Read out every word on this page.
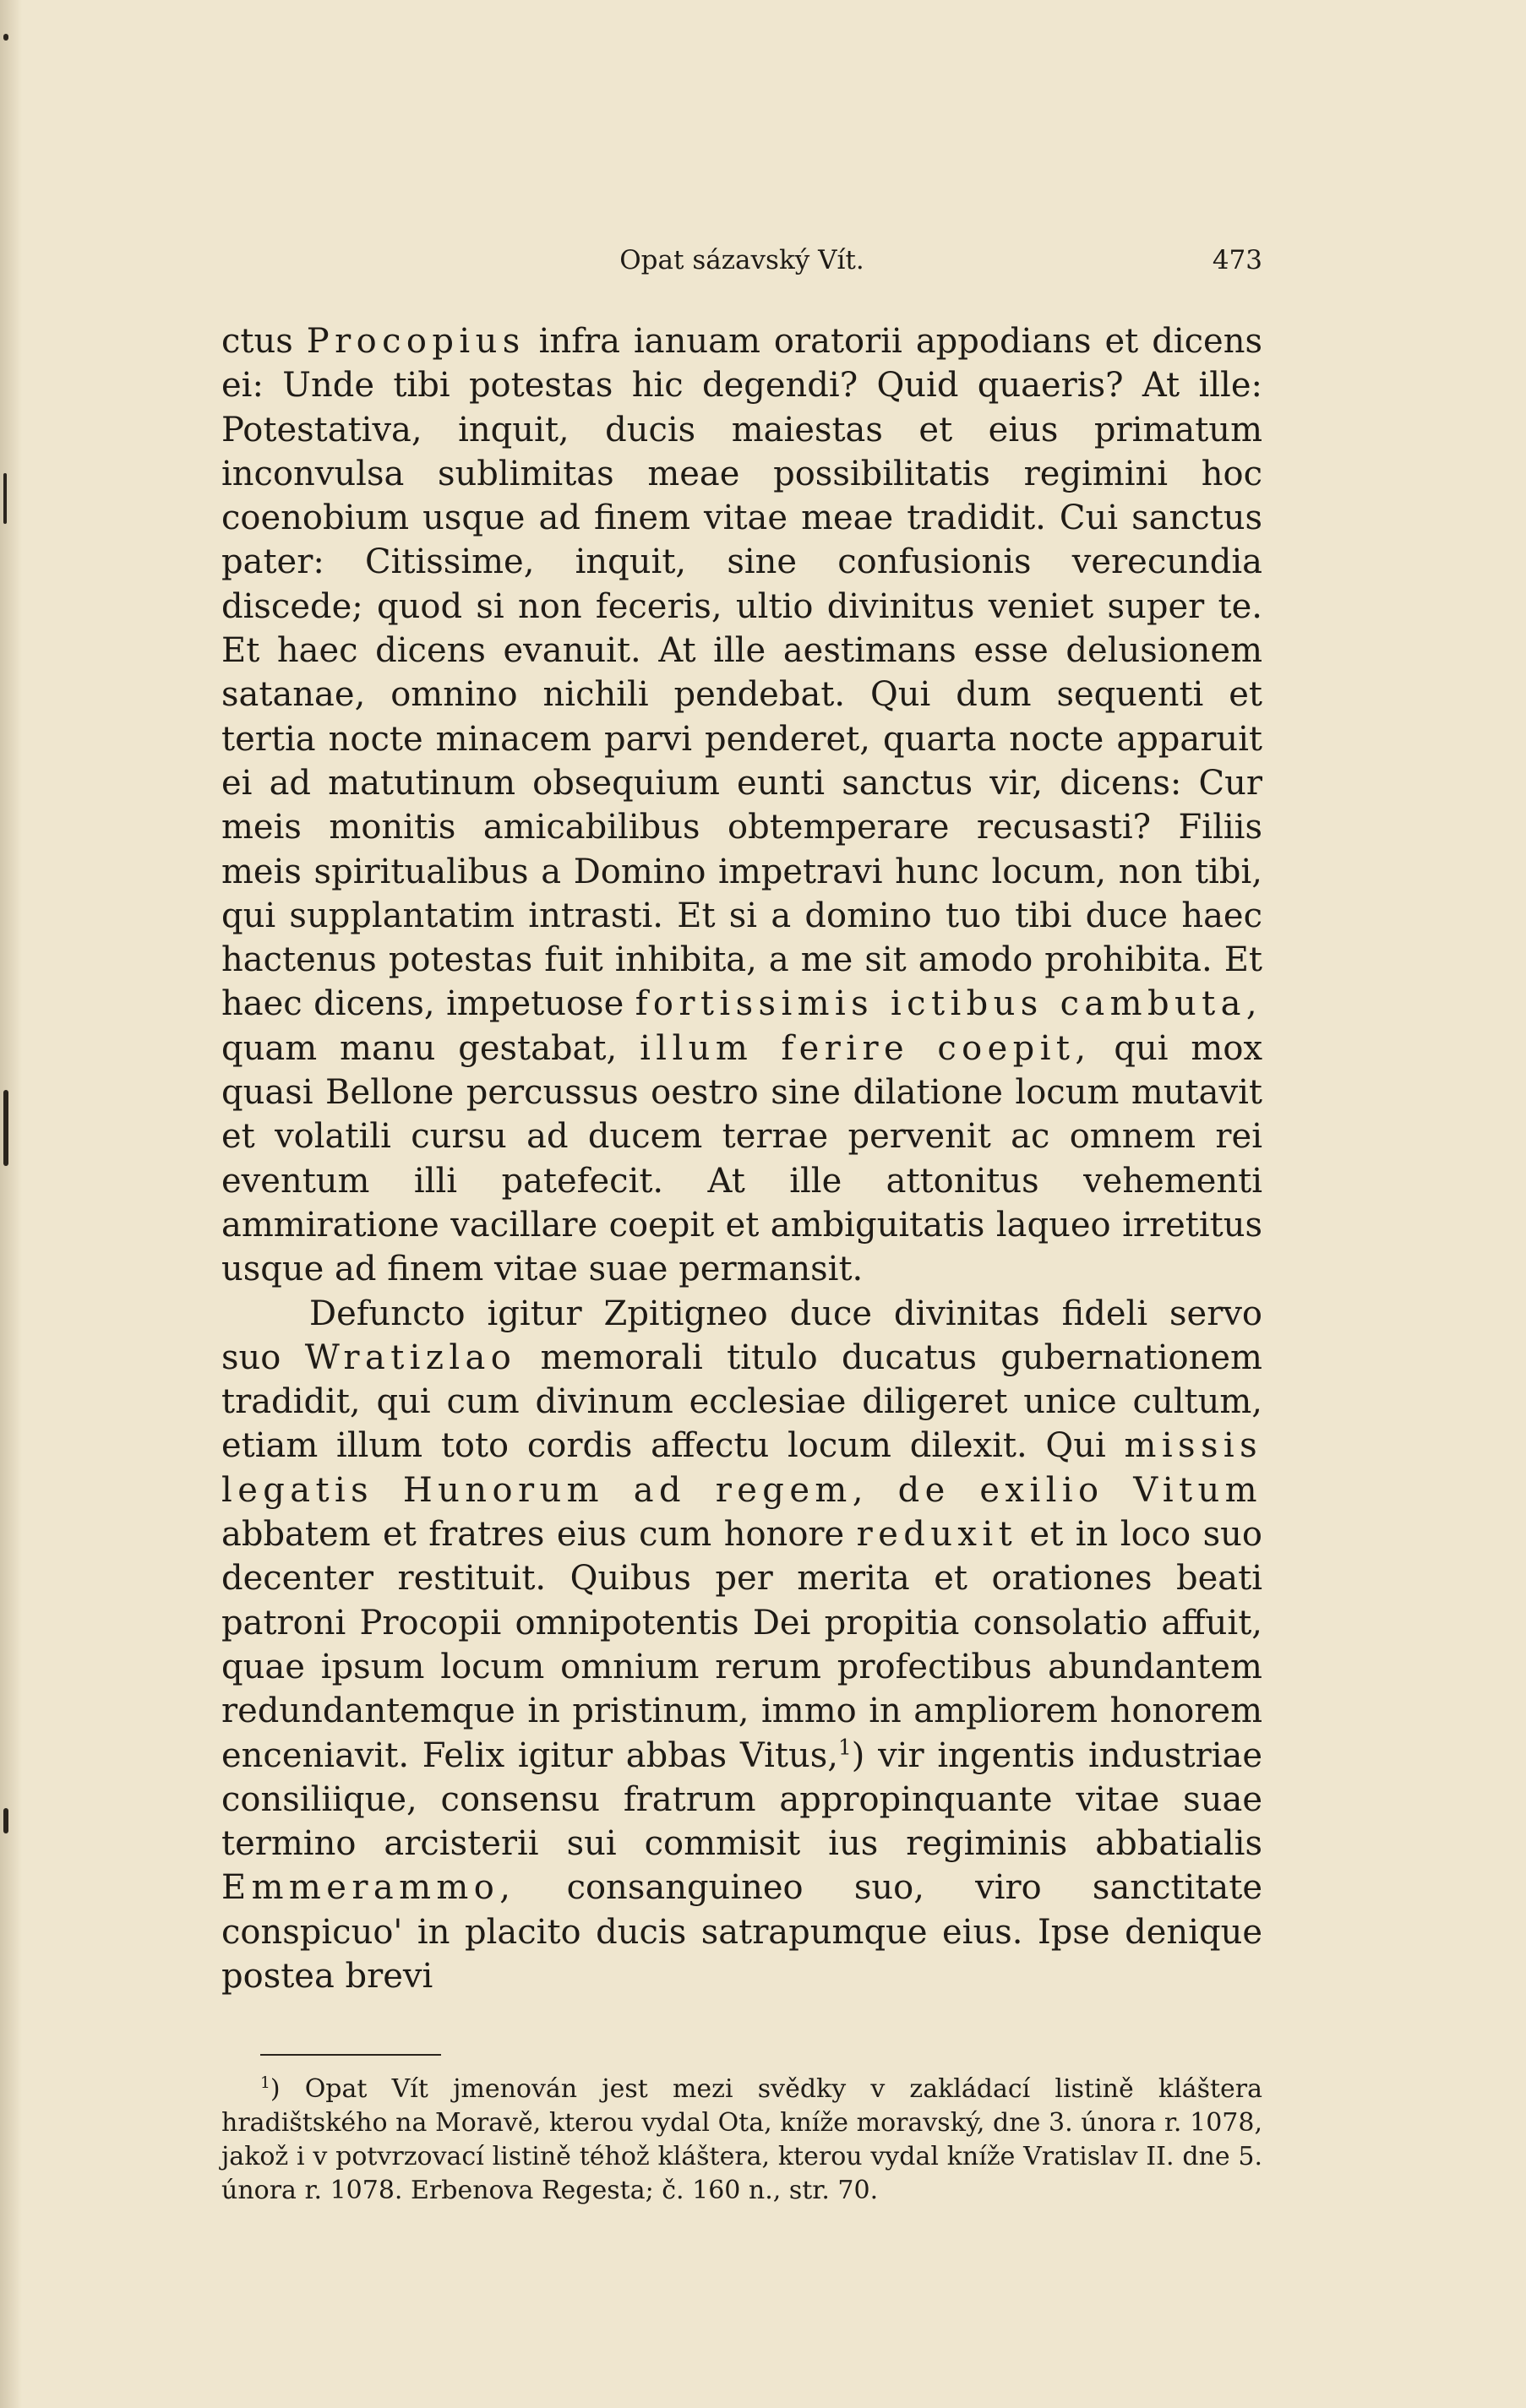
Opat sázavský Vít.	473

ctus Procopius infra ianuam oratorii appodians et dicens ei: Unde tibi potestas hic degendi? Quid quaeris? At ille: Potestativa, inquit, ducis maiestas et eius primatum inconvulsa sublimitas meae possibilitatis regimini hoc coenobium usque ad finem vitae meae tradidit. Cui sanctus pater: Citissime, inquit, sine confusionis verecundia discede; quod si non feceris, ultio divinitus veniet super te. Et haec dicens evanuit. At ille aestimans esse delusionem satanae, omnino nichili pendebat. Qui dum sequenti et tertia nocte minacem parvi penderet, quarta nocte apparuit ei ad matutinum obsequium eunti sanctus vir, dicens: Cur meis monitis amicabilibus obtemperare recusasti? Filiis meis spiritualibus a Domino impetravi hunc locum, non tibi, qui supplantatim intrasti. Et si a domino tuo tibi duce haec hactenus potestas fuit inhibita, a me sit amodo prohibita. Et haec dicens, impetuose fortissimis ictibus cambuta, quam manu gestabat, illum ferire coepit, qui mox quasi Bellone percussus oestro sine dilatione locum mutavit et volatili cursu ad ducem terrae pervenit ac omnem rei eventum illi patefecit. At ille attonitus vehementi ammiratione vacillare coepit et ambiguitatis laqueo irretitus usque ad finem vitae suae permansit.

Defuncto igitur Zpitigneo duce divinitas fideli servo suo Wratizlao memorali titulo ducatus gubernationem tradidit, qui cum divinum ecclesiae diligeret unice cultum, etiam illum toto cordis affectu locum dilexit. Qui missis legatis Hunorum ad regem, de exilio Vitum abbatem et fratres eius cum honore reduxit et in loco suo decenter restituit. Quibus per merita et orationes beati patroni Procopii omnipotentis Dei propitia consolatio affuit, quae ipsum locum omnium rerum profectibus abundantem redundantemque in pristinum, immo in ampliorem honorem enceniavit. Felix igitur abbas Vitus,$^1$) vir ingentis industriae consiliique, consensu fratrum appropinquante vitae suae termino arcisterii sui commisit ius regiminis abbatialis Emmerammo, consanguineo suo, viro sanctitate conspicuo' in placito ducis satrapumque eius. Ipse denique postea brevi

$^1$) Opat Vít jmenován jest mezi svědky v zakládací listině kláštera hradištského na Moravě, kterou vydal Ota, kníže moravský, dne 3. února r. 1078, jakož i v potvrzovací listině téhož kláštera, kterou vydal kníže Vratislav II. dne 5. února r. 1078. Erbenova Regesta; č. 160 n., str. 70.
